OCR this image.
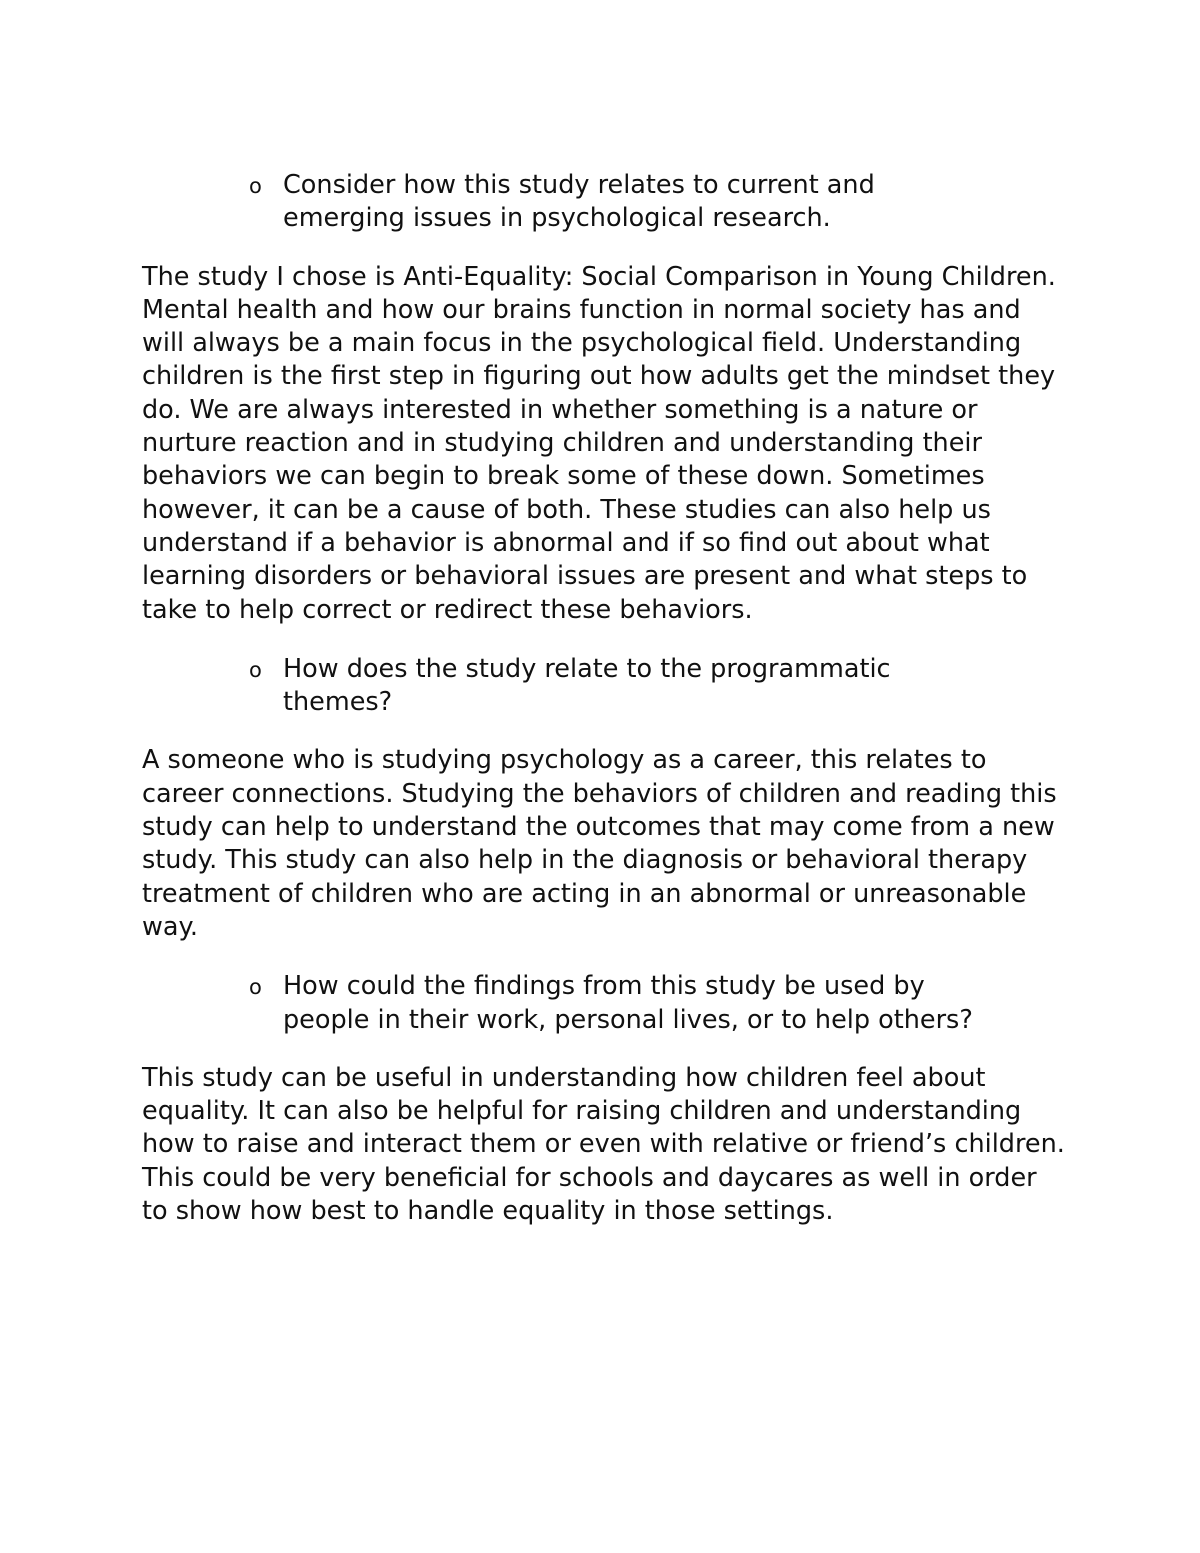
o Consider how this study relates to current and emerging issues in psychological research.

The study I chose is Anti-Equality: Social Comparison in Young Children. Mental health and how our brains function in normal society has and will always be a main focus in the psychological field. Understanding children is the first step in figuring out how adults get the mindset they do. We are always interested in whether something is a nature or nurture reaction and in studying children and understanding their behaviors we can begin to break some of these down. Sometimes however, it can be a cause of both. These studies can also help us understand if a behavior is abnormal and if so find out about what learning disorders or behavioral issues are present and what steps to take to help correct or redirect these behaviors.

o How does the study relate to the programmatic themes?

A someone who is studying psychology as a career, this relates to career connections. Studying the behaviors of children and reading this study can help to understand the outcomes that may come from a new study. This study can also help in the diagnosis or behavioral therapy treatment of children who are acting in an abnormal or unreasonable way.

o How could the findings from this study be used by people in their work, personal lives, or to help others?

This study can be useful in understanding how children feel about equality. It can also be helpful for raising children and understanding how to raise and interact them or even with relative or friend’s children. This could be very beneficial for schools and daycares as well in order to show how best to handle equality in those settings.
